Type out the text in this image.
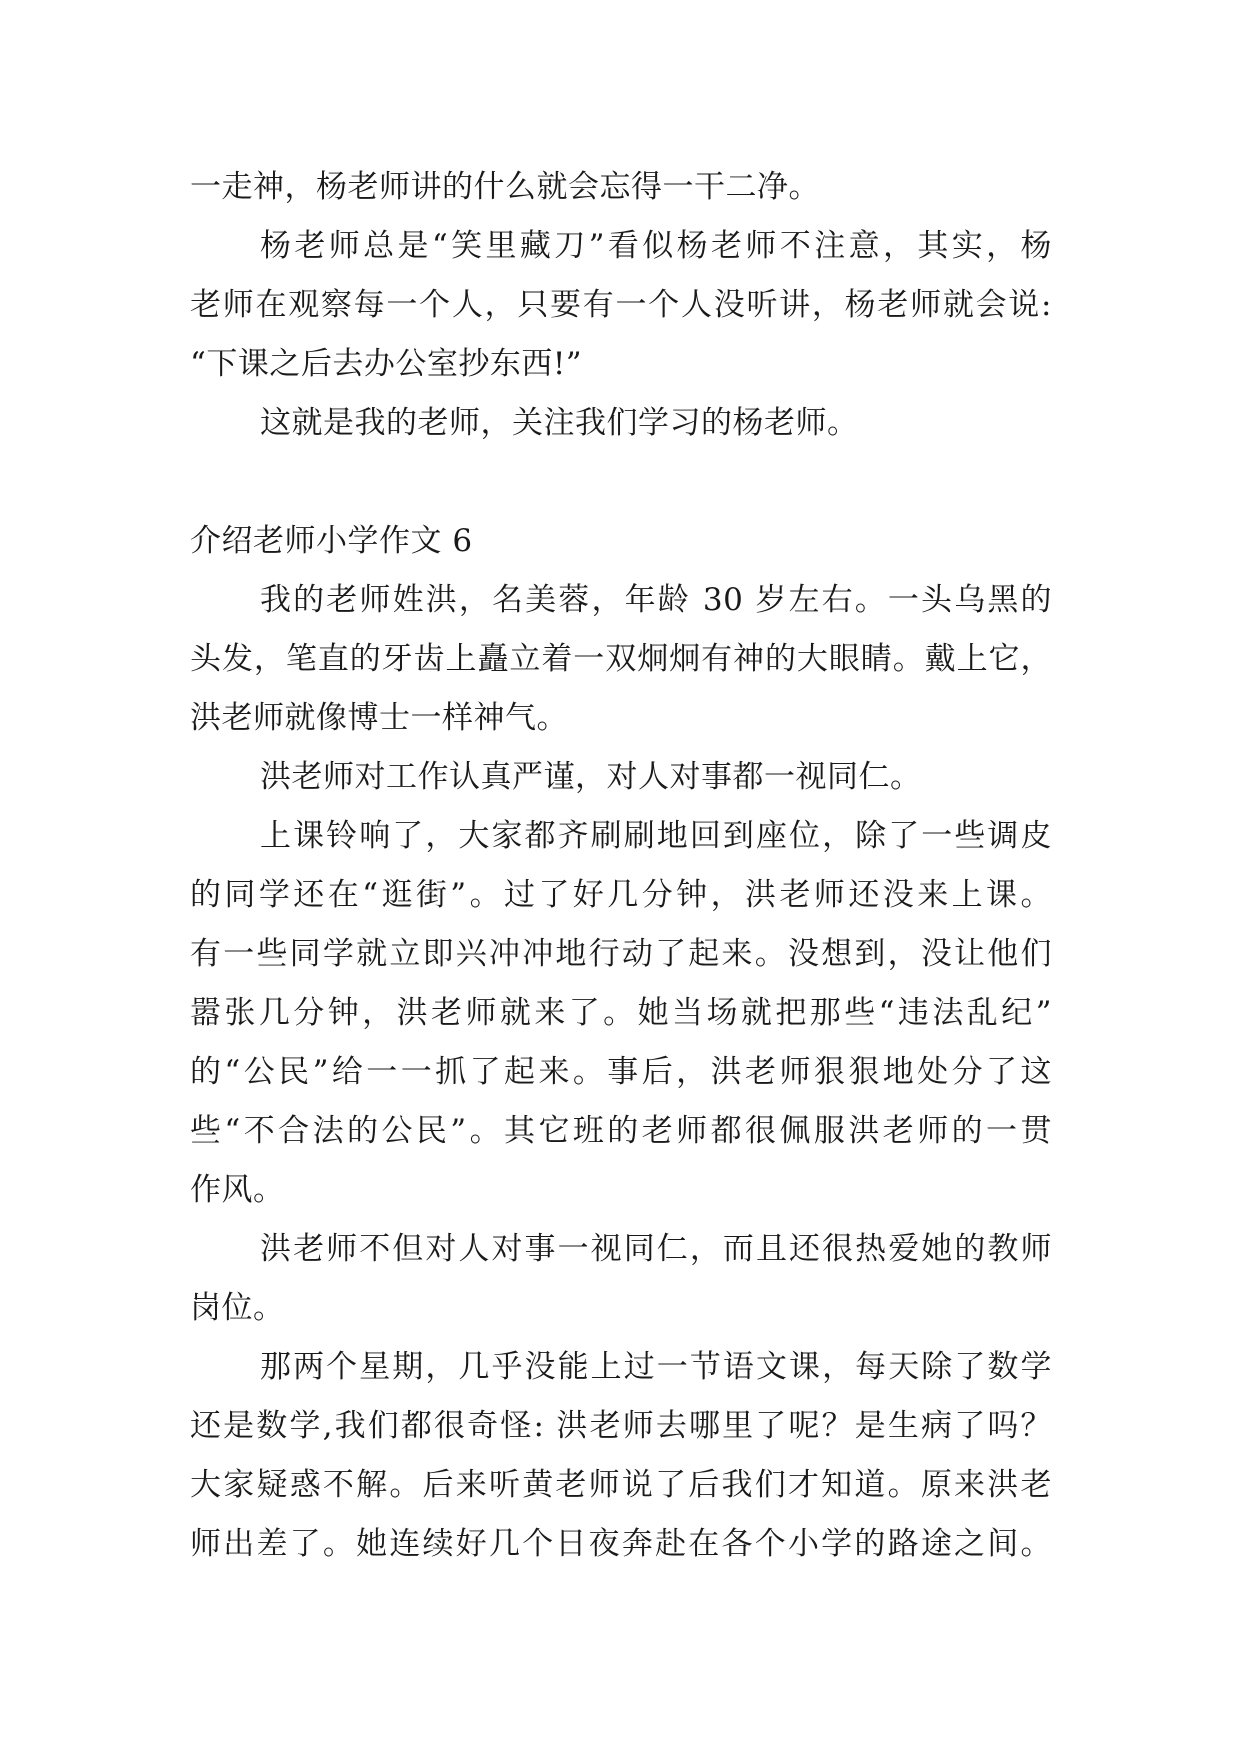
一走神，杨老师讲的什么就会忘得一干二净。
杨老师总是“笑里藏刀”看似杨老师不注意，其实，杨
老师在观察每一个人，只要有一个人没听讲，杨老师就会说:
“下课之后去办公室抄东西!”
这就是我的老师，关注我们学习的杨老师。
介绍老师小学作文 6
我的老师姓洪，名美蓉，年龄 30 岁左右。一头乌黑的
头发，笔直的牙齿上矗立着一双炯炯有神的大眼睛。戴上它，
洪老师就像博士一样神气。
洪老师对工作认真严谨，对人对事都一视同仁。
上课铃响了，大家都齐刷刷地回到座位，除了一些调皮
的同学还在“逛街”。过了好几分钟，洪老师还没来上课。
有一些同学就立即兴冲冲地行动了起来。没想到，没让他们
嚣张几分钟，洪老师就来了。她当场就把那些“违法乱纪”
的“公民”给一一抓了起来。事后，洪老师狠狠地处分了这
些“不合法的公民”。其它班的老师都很佩服洪老师的一贯
作风。
洪老师不但对人对事一视同仁，而且还很热爱她的教师
岗位。
那两个星期，几乎没能上过一节语文课，每天除了数学
还是数学,我们都很奇怪: 洪老师去哪里了呢？是生病了吗？
大家疑惑不解。后来听黄老师说了后我们才知道。原来洪老
师出差了。她连续好几个日夜奔赴在各个小学的路途之间。
